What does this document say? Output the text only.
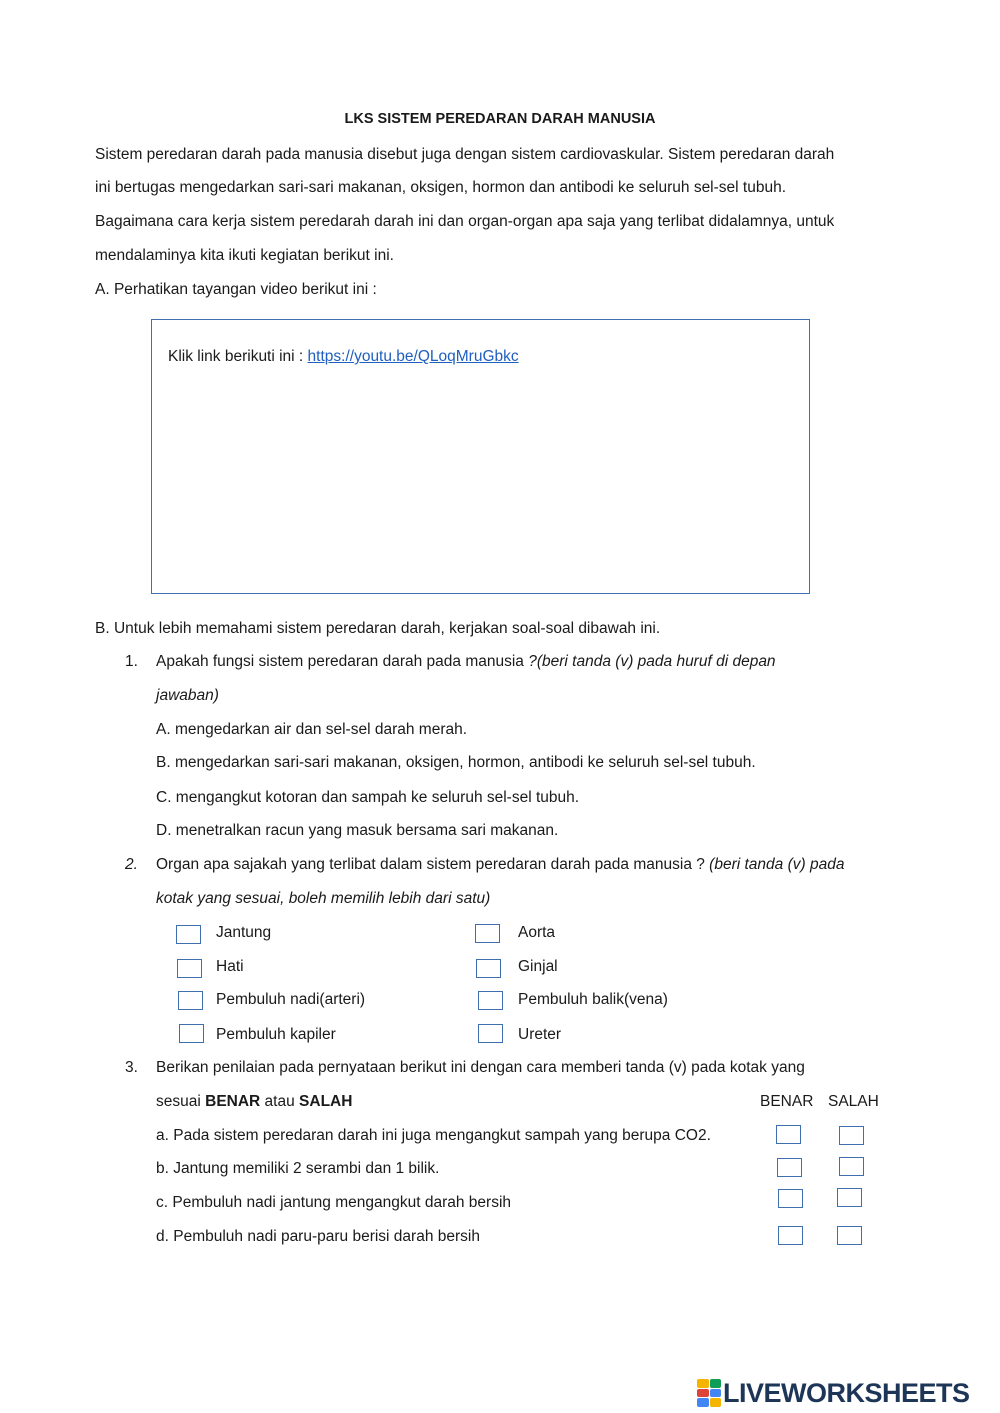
LKS SISTEM PEREDARAN DARAH MANUSIA
Sistem peredaran darah pada manusia disebut juga dengan sistem cardiovaskular. Sistem peredaran darah
ini bertugas mengedarkan sari-sari makanan, oksigen, hormon dan antibodi ke seluruh sel-sel tubuh.
Bagaimana cara kerja sistem peredarah darah ini dan organ-organ apa saja yang terlibat didalamnya, untuk
mendalaminya kita ikuti kegiatan berikut ini.
A. Perhatikan tayangan video berikut ini :
Klik link berikuti ini : https://youtu.be/QLoqMruGbkc
B. Untuk lebih memahami sistem peredaran darah, kerjakan soal-soal dibawah ini.
1. Apakah fungsi sistem peredaran darah pada manusia ?(beri tanda (v) pada huruf di depan
jawaban)
A. mengedarkan air dan sel-sel darah merah.
B. mengedarkan sari-sari makanan, oksigen, hormon, antibodi ke seluruh sel-sel tubuh.
C. mengangkut kotoran dan sampah ke seluruh sel-sel tubuh.
D. menetralkan racun yang masuk bersama sari makanan.
2. Organ apa sajakah yang terlibat dalam sistem peredaran darah pada manusia ? (beri tanda (v) pada
kotak yang sesuai, boleh memilih lebih dari satu)
Jantung
Hati
Pembuluh nadi(arteri)
Pembuluh kapiler
Aorta
Ginjal
Pembuluh balik(vena)
Ureter
3. Berikan penilaian pada pernyataan berikut ini dengan cara memberi tanda (v) pada kotak yang
sesuai BENAR atau SALAH	BENAR SALAH
a. Pada sistem peredaran darah ini juga mengangkut sampah yang berupa CO2.
b. Jantung memiliki 2 serambi dan 1 bilik.
c. Pembuluh nadi jantung mengangkut darah bersih
d. Pembuluh nadi paru-paru berisi darah bersih
LIVEWORKSHEETS
